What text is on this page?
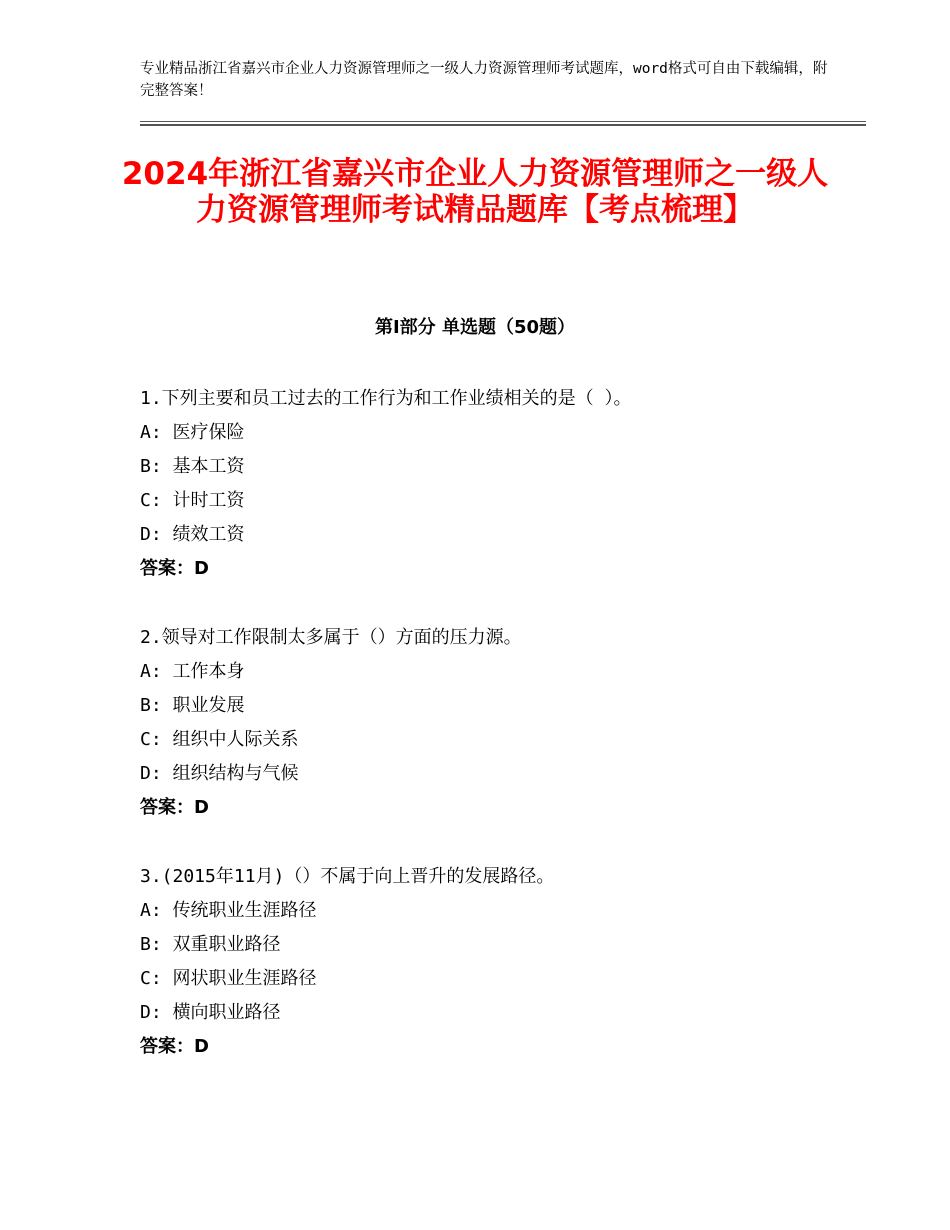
专业精品浙江省嘉兴市企业人力资源管理师之一级人力资源管理师考试题库，word格式可自由下载编辑，附完整答案！
2024年浙江省嘉兴市企业人力资源管理师之一级人力资源管理师考试精品题库【考点梳理】
第Ⅰ部分 单选题（50题）
1.下列主要和员工过去的工作行为和工作业绩相关的是（ ）。
A: 医疗保险
B: 基本工资
C: 计时工资
D: 绩效工资
答案：D
2.领导对工作限制太多属于（）方面的压力源。
A: 工作本身
B: 职业发展
C: 组织中人际关系
D: 组织结构与气候
答案：D
3.(2015年11月)（）不属于向上晋升的发展路径。
A: 传统职业生涯路径
B: 双重职业路径
C: 网状职业生涯路径
D: 横向职业路径
答案：D
